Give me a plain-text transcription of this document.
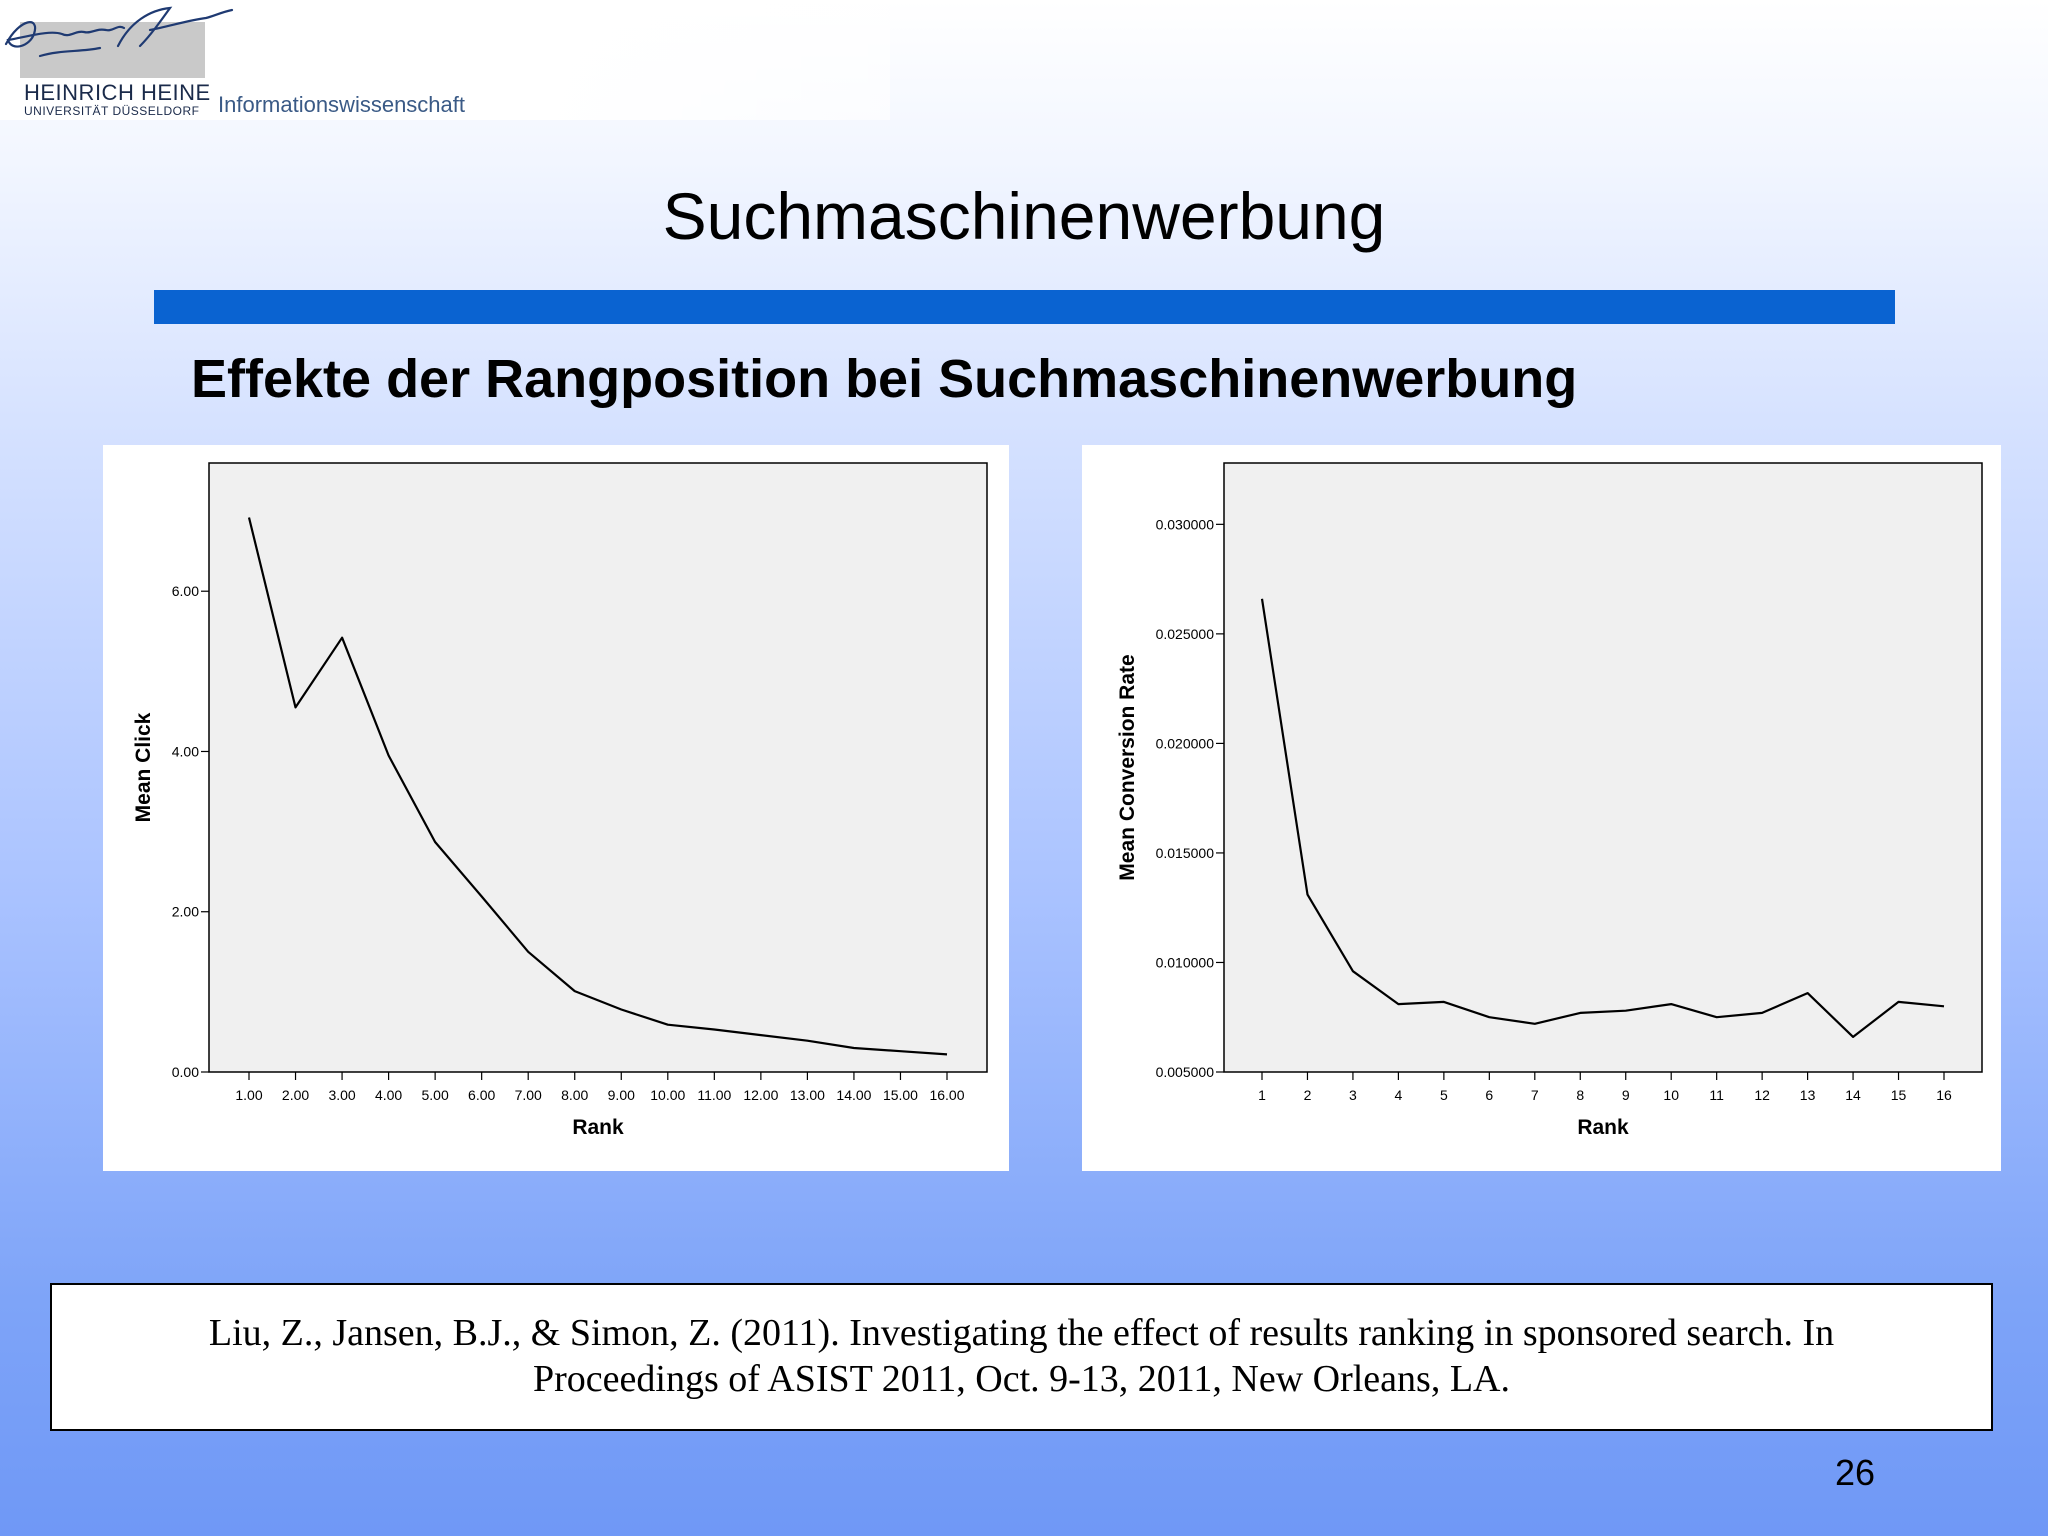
HEINRICH HEINE
UNIVERSITÄT DÜSSELDORF Informationswissenschaft
Suchmaschinenwerbung
Effekte der Rangposition bei Suchmaschinenwerbung
0.00
2.00
4.00
6.00
1.00 2.00 3.00 4.00 5.00 6.00 7.00 8.00 9.00 10.00 11.00 12.00 13.00 14.00 15.00 16.00
Rank
Mean Click
0.005000
0.010000
0.015000
0.020000
0.025000
0.030000
1	2	3	4	5	6	7	8	9 10 11 12 13 14 15 16
Rank
Mean Conversion Rate
Liu, Z., Jansen, B.J., & Simon, Z. (2011). Investigating the effect of results ranking in sponsored search. In
Proceedings of ASIST 2011, Oct. 9-13, 2011, New Orleans, LA.
26
